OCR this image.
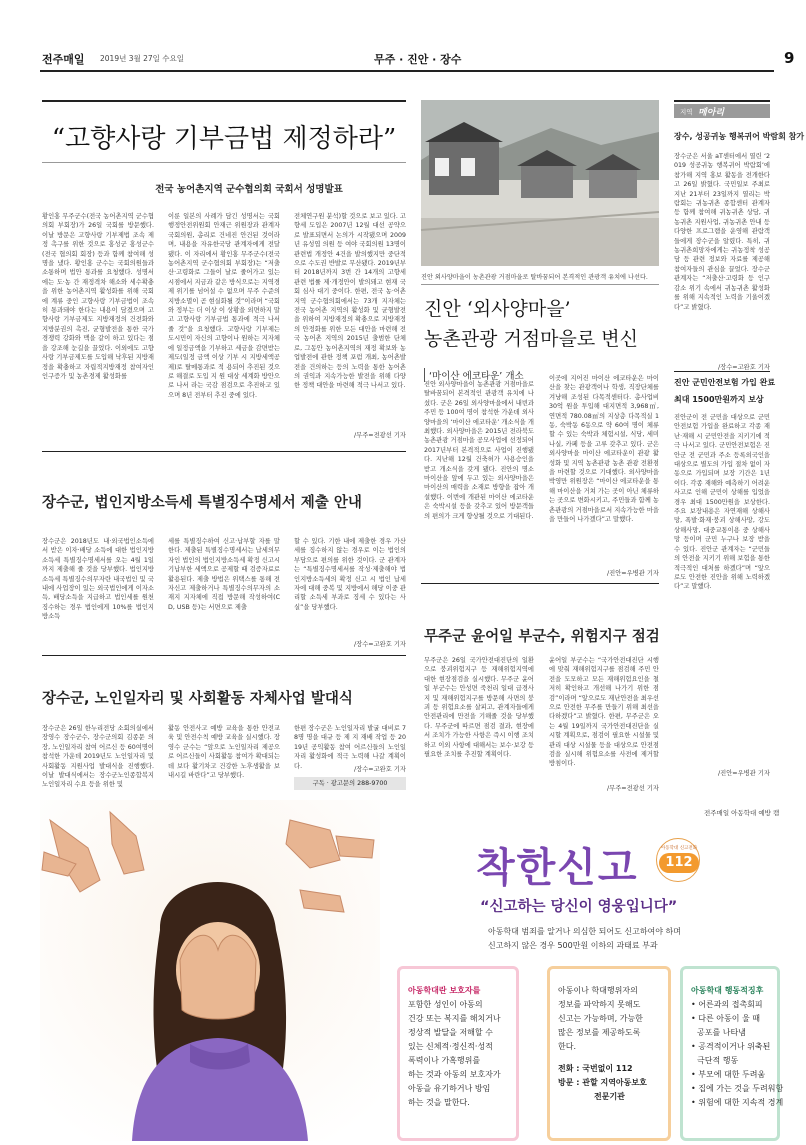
전주매일 2019년 3월 27일 수요일	무주 · 진안 · 장수	9
“고향사랑 기부금법 제정하라”
전국 농어촌지역 군수협의회 국회서 성명발표
황인홍 무주군수(전국 농어촌지역 군수협의회 부회장)가 26일 국회를 방문했다. 이날 방문은 고향사랑 기부제법 조속 제정 촉구를 위한 것으로 홍성군 홍성군수(전국 협의회 회장) 등과 함께 참여해 성명을 냈다. 황인홍 군수는 국회의원들과 소통하며 법안 통과를 요청했다. 성명서에는 도·농 간 재정격차 해소와 세수확충을 위한 농어촌지역 활성화를 위해 국회에 계류 중인 고향사랑 기부금법이 조속히 통과돼야 한다는 내용이 담겼으며 고향사랑 기부금제도 지방재정의 건전화와 지방분권의 촉진, 균형발전을 통한 국가경쟁력 강화와 맥을 같이 하고 있다는 점을 강조해 눈길을 끌었다. 이외에도 고향사랑 기부금제도를 도입해 낙후된 지방재정을 확충하고 자립적지방재정 참여자인 인구증가 및 농촌경제 활성화를
이룬 일본의 사례가 담긴 성명서는 국회 행정안전위원회 안재근 위원장과 관계자 국회의원, 총리로 건네진 안건된 것이라며, 내용을 자유한국당 관계자에게 전달됐다. 이 자리에서 황인홍 무주군수(전국 농어촌지역 군수협의회 부회장)는 “저출산·고령화로 그들이 날로 줄어가고 있는 시점에서 지금과 같은 방식으로는 지역경제 위기를 넘어설 수 없으며 무주 수준의 지방소멸이 곧 현실화될 것”이라며 “국회와 정부는 더 이상 이 상황을 외면하지 말고 고향사랑 기부금법 통과에 적극 나서줄 것”을 요청했다. 고향사랑 기부제는 도시민이 자신의 고향이나 원하는 지자체에 일정금액을 기부하고 세금을 감면받는 제도(일정 금액 이상 기부 시 지방세액공제)로 탈메통과로 적 용되어 추진된 것으로 해결로 도입 지 원 대상 세계화 방안으로 나서 라는 국감 점검으로 추진하고 있으며 8년 전부터 추진 중에 있다.
전체연구원 분석)할 것으로 보고 있다. 고향세 도입은 2007년 12월 대선 공약으로 발표되면서 논의가 시작됐으며 2009년 유성엽 의원 등 여야 국회의원 13명이 관련법 개정안 4건을 발의했지만 중단적으로 수도권 반발로 무산됐다. 2019년부터 2018년까지 3번 간 14개의 고향세 관련 법률 제·개정안이 발의돼고 현재 국회 심사 대기 중이다. 한편, 전국 농·어촌지역 군수협의회에서는 73개 지자체는 전국 농어촌 지역의 활성화 및 균형발전을 위하여 지방재정의 확충으로 지방재정의 안정화를 위한 모든 대안을 마련해 전국 농어촌 지역의 2015년 출범한 단체로, 그동안 농어촌지역의 재정 확보와 농업발전에 관한 정책 포럼 개최, 농어촌발전을 건의하는 등의 노력을 통한 농어촌의 권익과 지속가능한 발전을 위해 다양한 정책 대안을 마련해 적극 나서고 있다.
/무주=전광선 기자
장수군, 법인지방소득세 특별징수명세서 제출 안내
장수군은 2018년도 내·외국법인소득에서 받은 이자·배당 소득에 대한 법인지방소득세 특별징수명세서를 오는 4월 1일까지 제출해 줄 것을 당부했다. 법인지방소득세 특별징수의무자란 내국법인 및 국내에 사업장이 있는 외국법인에게 이자소득, 배당소득을 지급하고 법인세를 원천징수하는 경우 법인에게 10%를 법인지방소득
세를 특별징수하여 신고·납부할 자를 말한다. 제출된 특별징수명세서는 납세의무자인 법인의 법인지방소득세 확정 신고시 기납부한 세액으로 공제할 때 검증자료로 활용된다. 제출 방법은 위택스를 통해 전자신고 제출하거나 특별징수의무자의 소재지 지자체에 직접 방문해 작성하여(CD, USB 등)는 서면으로 제출
할 수 있다. 기한 내에 제출한 경우 가산세를 징수하지 않는 경우로 이는 법인의 부담으로 편의를 위한 것이다. 군 관계자는 “특별징수명세서를 작성·제출해야 법인지방소득세의 확정 신고 시 법인 납세자에 대해 중복 및 지방에서 해당 이중 관리할 소득세 부과로 징세 수 있다는 사실”을 당부했다.
/장수=고완호 기자
장수군, 노인일자리 및 사회활동 자체사업 발대식
장수군은 26일 한누리전당 소회의실에서 장영수 장수군수, 장수군의회 김종문 의장, 노인일자리 참여 어르신 등 60여명이 참석한 가운데 2019년도 노인일자리 및 사회활동 지원사업 발대식을 진행했다. 이날 발대식에서는 장수군노인종합복지 노인일자리 수요 등을 위한 및
활동 안전사고 예방 교육을 통한 안전교육 및 안전수칙 예방 교육을 실시했다. 장영수 군수는 “앞으로 노인일자리 제공으로 어르신들이 사회활동 참여가 확대되는데 보다 활기차고 건강한 노후생활을 보내시길 바란다”고 당부했다.
한편 장수군은 노인일자리 발굴 대비로 78명 명을 대규 등 제 지 재배 작업 등 2019년 공익활동 참여 어르신들의 노인일자리 활성화에 적극 노력해 나갈 계획이다.	/장수=고완호 기자
구독 · 광고문의 288-9700
진안 외사양마을이 농촌관광 거점마을로 탈바꿈되어 본격적인 관광객 유치에 나선다.
진안 ‘외사양마을’
농촌관광 거점마을로 변신
‘마이산 에코타운’ 개소
진안 외사양마을이 농촌관광 거점마을로 탈바꿈되어 본격적인 관광객 유치에 나섰다. 군은 26일 외사양마을에서 내빈과 주민 등 100여 명이 참석한 가운데 외사양마을의 ‘마이산 에코타운’ 개소식을 개최했다. 외사양마을은 2015년 전라북도 농촌관광 거점마을 공모사업에 선정되어 2017년부터 본격적으로 사업이 진행됐다. 지난해 12월 건축허가 사용승인을 받고 개소식을 갖게 됐다. 진안의 명소 마이산을 앞에 두고 있는 외사양마을은 마이산의 매력을 소재로 방향을 잡아 개설했다. 이번에 개관된 마이산 에코타운은 숙박시설 등을 갖추고 있어 방문객들의 편의가 크게 향상될 것으로 기대된다.
이곳에 지어진 마이산 에코타운은 마이산을 찾는 관광객이나 학생, 직장단체를 겨냥해 조성된 다목적센터다. 총사업비 30억 원을 투입해 대지면적 3,968㎡, 연면적 780.08㎡의 지상층 다목적실 1동, 숙박동 6동으로 약 60여 명이 체류할 수 있는 숙박과 체험시설, 식당, 세미나실, 카페 등을 고루 갖추고 있다. 군은 외사양마을 마이산 에코타운이 관광 활성화 및 지역 농촌관광 농촌 관광 전환점을 마련할 것으로 기대했다. 외사양마을 박영만 위원장은 “마이산 에코타운을 통해 마이산을 거쳐 가는 곳이 아닌 체류하는 곳으로 변화시키고, 주민들과 함께 농촌관광의 거점마을로서 지속가능한 마을을 만들어 나가겠다”고 말했다.
/진안=우병관 기자
무주군 윤어일 부군수, 위험지구 점검
무주군은 26일 국가안전대진단의 일환으로 붕괴위험지구 등 재해위험지역에 대한 현장점검을 실시했다. 무주군 윤어일 부군수는 안성면 죽천리 일대 급경사지 및 재해위험지구를 방문해 사면의 붕괴 등 위험요소를 살피고, 관계자들에게 안전관리에 만전을 기해줄 것을 당부했다. 무주군에 따르면 점검 결과, 현장에서 조치가 가능한 사항은 즉시 이행 조치하고 이외 사항에 대해서는 보수·보강 등 필요한 조치를 추진할 계획이다.
윤어일 부군수는 “국가안전대진단 시행에 맞춰 재해위험지구를 점검해 주민 안전을 도모하고 모든 재해위험요인을 철저히 확인하고 개선해 나가기 위한 점검”이라며 “앞으로도 재난안전을 최우선으로 안전한 무주를 만들기 위해 최선을 다하겠다”고 밝혔다. 한편, 무주군은 오는 4월 19일까지 국가안전대진단을 실시할 계획으로, 점검이 필요한 시설물 및 관리 대상 시설물 등을 대상으로 안전점검을 실시해 위험요소를 사전에 제거할 방침이다.
/무주=전광선 기자
지역 메아리
장수, 성공귀농 행복귀어 박람회 참가
장수군은 서울 aT센터에서 열린 ‘2019 성공귀농 행복귀어 박람회’에 참가해 지역 홍보 활동을 전개한다고 26일 밝혔다. 국민일보 주최로 지난 21부터 23일까지 열리는 박람회는 귀농귀촌 종합센터 관계자 등 함께 참여해 귀농귀촌 상담, 귀농귀촌 지원사업, 귀농귀촌 안내 등 다양한 프로그램을 운영해 관람객들에게 장수군을 알렸다. 특히, 귀농귀촌희망자에게는 귀농정착 성공담 등 관련 정보와 자료를 제공해 참여자들의 관심을 끌었다. 장수군 관계자는 “저출산·고령화 등 인구감소 위기 속에서 귀농귀촌 활성화를 위해 지속적인 노력을 기울이겠다”고 밝혔다.
/장수=고완호 기자
진안 군민안전보험 가입 완료
최대 1500만원까지 보상
진안군이 전 군민을 대상으로 군민안전보험 가입을 완료하고 각종 재난·재해 시 군민안전을 지키기에 적극 나서고 있다. 군민안전보험은 진안군 전 군민과 주소 등록외국인을 대상으로 별도의 가입 절차 없이 자동으로 가입되며 보장 기간은 1년이다. 각종 재해와 예측하기 어려운 사고로 인해 군민이 상해를 입었을 경우 최대 1500만원을 보상한다. 주요 보장내용은 자연재해 상해사망, 폭발·화재·붕괴 상해사망, 강도 상해사망, 대중교통이용 중 상해사망 등이며 군민 누구나 보장 받을 수 있다. 진안군 관계자는 “군민들의 안전을 지키기 위해 보험을 통한 적극적인 대처를 하겠다”며 “앞으로도 안전한 진안을 위해 노력하겠다”고 말했다.
/진안=우병관 기자
전주매일 아동학대 예방 캠
착한신고	아동학대 신고전화
112
“신고하는 당신이 영웅입니다”
아동학대 범죄를 알거나 의심한 되어도 신고하여야 하며
신고하지 않은 경우 500만원 이하의 과태료 부과
아동학대란 보호자를
포함한 성인이 아동의
건강 또는 복지를 해치거나
정상적 발달을 저해할 수
있는 신체적·정신적·성적
폭력이나 가혹행위를
하는 것과 아동의 보호자가
아동을 유기하거나 방임
하는 것을 말한다.
아동이나 학대행위자의
정보를 파악하지 못해도
신고는 가능하며, 가능한
많은 정보를 제공하도록
한다.
전화 : 국번없이 112
방문 : 관할 지역아동보호
전문기관
아동학대 행동적징후
• 어른과의 접촉회피
• 다른 아동이 울 때
공포를 나타냄
• 공격적이거나 위축된
극단적 행동
• 부모에 대한 두려움
• 집에 가는 것을 두려워함
• 위험에 대한 지속적 경계
